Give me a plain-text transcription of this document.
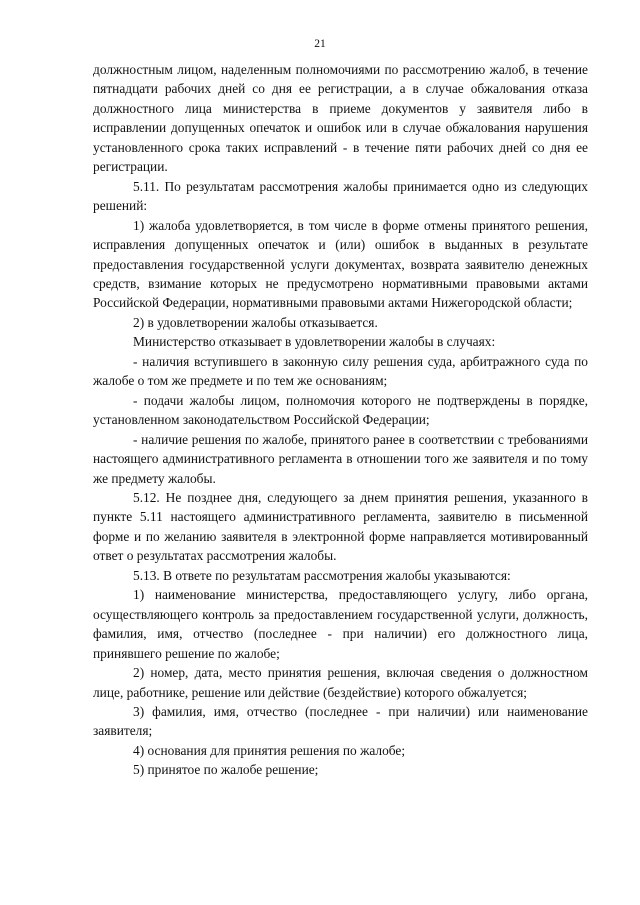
21

должностным лицом, наделенным полномочиями по рассмотрению жалоб, в течение пятнадцати рабочих дней со дня ее регистрации, а в случае обжалования отказа должностного лица министерства в приеме документов у заявителя либо в исправлении допущенных опечаток и ошибок или в случае обжалования нарушения установленного срока таких исправлений - в течение пяти рабочих дней со дня ее регистрации.

5.11. По результатам рассмотрения жалобы принимается одно из следующих решений:

1) жалоба удовлетворяется, в том числе в форме отмены принятого решения, исправления допущенных опечаток и (или) ошибок в выданных в результате предоставления государственной услуги документах, возврата заявителю денежных средств, взимание которых не предусмотрено нормативными правовыми актами Российской Федерации, нормативными правовыми актами Нижегородской области;

2) в удовлетворении жалобы отказывается.

Министерство отказывает в удовлетворении жалобы в случаях:

- наличия вступившего в законную силу решения суда, арбитражного суда по жалобе о том же предмете и по тем же основаниям;

- подачи жалобы лицом, полномочия которого не подтверждены в порядке, установленном законодательством Российской Федерации;

- наличие решения по жалобе, принятого ранее в соответствии с требованиями настоящего административного регламента в отношении того же заявителя и по тому же предмету жалобы.

5.12. Не позднее дня, следующего за днем принятия решения, указанного в пункте 5.11 настоящего административного регламента, заявителю в письменной форме и по желанию заявителя в электронной форме направляется мотивированный ответ о результатах рассмотрения жалобы.

5.13. В ответе по результатам рассмотрения жалобы указываются:

1) наименование министерства, предоставляющего услугу, либо органа, осуществляющего контроль за предоставлением государственной услуги, должность, фамилия, имя, отчество (последнее - при наличии) его должностного лица, принявшего решение по жалобе;

2) номер, дата, место принятия решения, включая сведения о должностном лице, работнике, решение или действие (бездействие) которого обжалуется;

3) фамилия, имя, отчество (последнее - при наличии) или наименование заявителя;

4) основания для принятия решения по жалобе;

5) принятое по жалобе решение;
